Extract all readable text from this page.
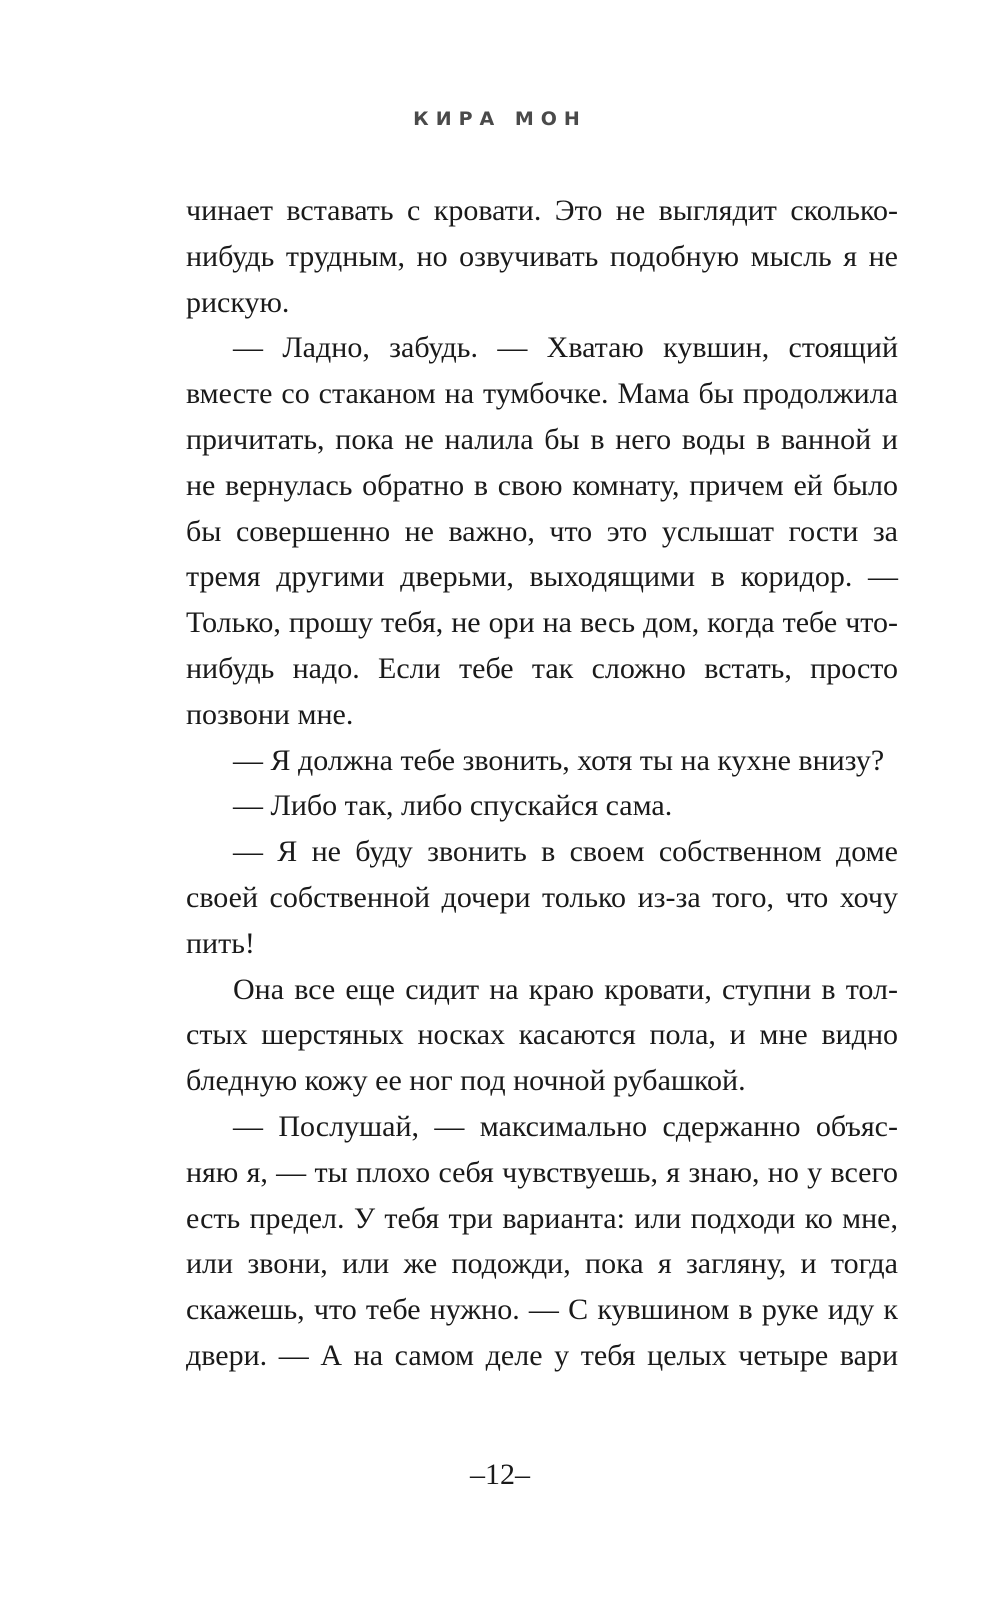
КИРА МОН

чинает вставать с кровати. Это не выглядит сколько-нибудь трудным, но озвучивать подобную мысль я не рискую.

— Ладно, забудь. — Хватаю кувшин, стоящий вместе со стаканом на тумбочке. Мама бы продолжила причитать, пока не налила бы в него воды в ванной и не вернулась обратно в свою комнату, причем ей было бы совершенно не важно, что это услышат гости за тремя другими дверьми, выходящими в коридор. — Только, прошу тебя, не ори на весь дом, когда тебе что-нибудь надо. Если тебе так сложно встать, просто позвони мне.

— Я должна тебе звонить, хотя ты на кухне внизу?

— Либо так, либо спускайся сама.

— Я не буду звонить в своем собственном доме своей собственной дочери только из-за того, что хочу пить!

Она все еще сидит на краю кровати, ступни в толстых шерстяных носках касаются пола, и мне видно бледную кожу ее ног под ночной рубашкой.

— Послушай, — максимально сдержанно объясняю я, — ты плохо себя чувствуешь, я знаю, но у всего есть предел. У тебя три варианта: или подходи ко мне, или звони, или же подожди, пока я загляну, и тогда скажешь, что тебе нужно. — С кувшином в руке иду к двери. — А на самом деле у тебя целых четыре вари

–12–
